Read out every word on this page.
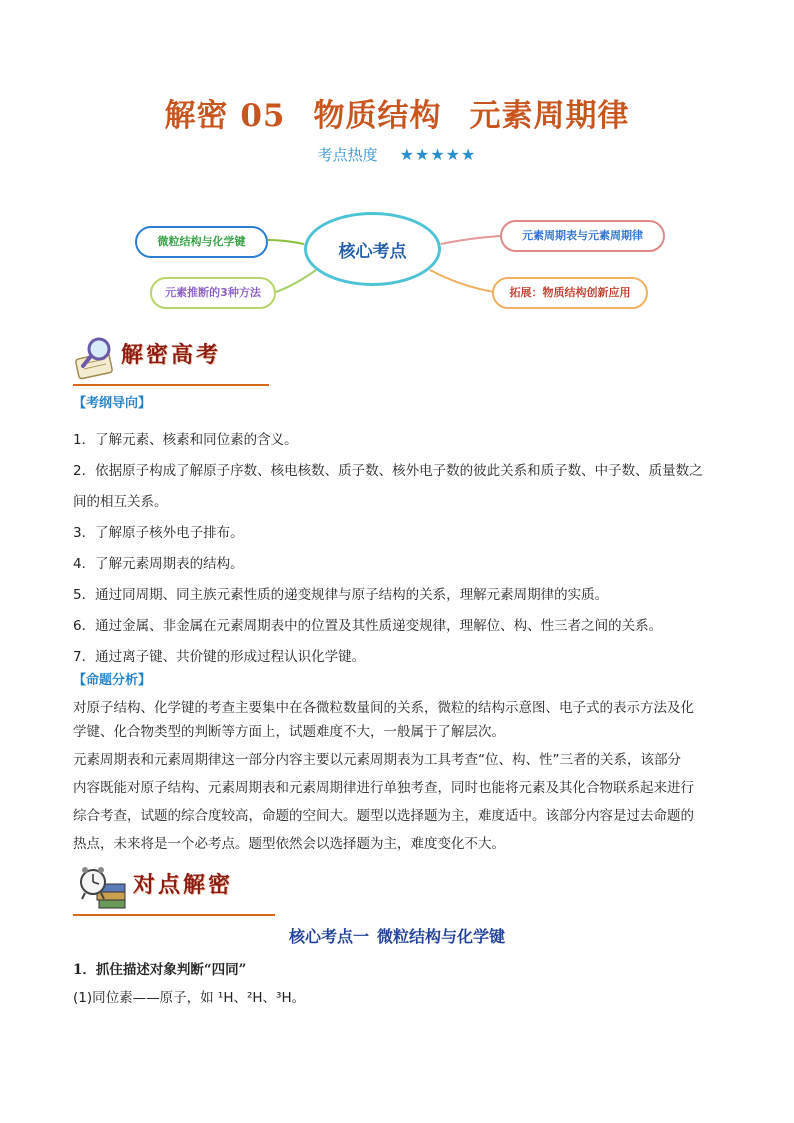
解密 05 物质结构 元素周期律
考点热度 ★★★★★
微粒结构与化学键	元素周期表与元素周期律
元素推断的3种方法	拓展：物质结构创新应用
核心考点
解密高考
【考纲导向】
1．了解元素、核素和同位素的含义。
2．依据原子构成了解原子序数、核电核数、质子数、核外电子数的彼此关系和质子数、中子数、质量数之
间的相互关系。
3．了解原子核外电子排布。
4．了解元素周期表的结构。
5．通过同周期、同主族元素性质的递变规律与原子结构的关系，理解元素周期律的实质。
6．通过金属、非金属在元素周期表中的位置及其性质递变规律，理解位、构、性三者之间的关系。
7．通过离子键、共价键的形成过程认识化学键。
【命题分析】
对原子结构、化学键的考查主要集中在各微粒数量间的关系，微粒的结构示意图、电子式的表示方法及化
学键、化合物类型的判断等方面上，试题难度不大，一般属于了解层次。
元素周期表和元素周期律这一部分内容主要以元素周期表为工具考查“位、构、性”三者的关系，该部分
内容既能对原子结构、元素周期表和元素周期律进行单独考查，同时也能将元素及其化合物联系起来进行
综合考查，试题的综合度较高，命题的空间大。题型以选择题为主，难度适中。该部分内容是过去命题的
热点，未来将是一个必考点。题型依然会以选择题为主，难度变化不大。
对点解密
核心考点一 微粒结构与化学键
1．抓住描述对象判断“四同”
(1)同位素——原子，如 ¹H、²H、³H。
